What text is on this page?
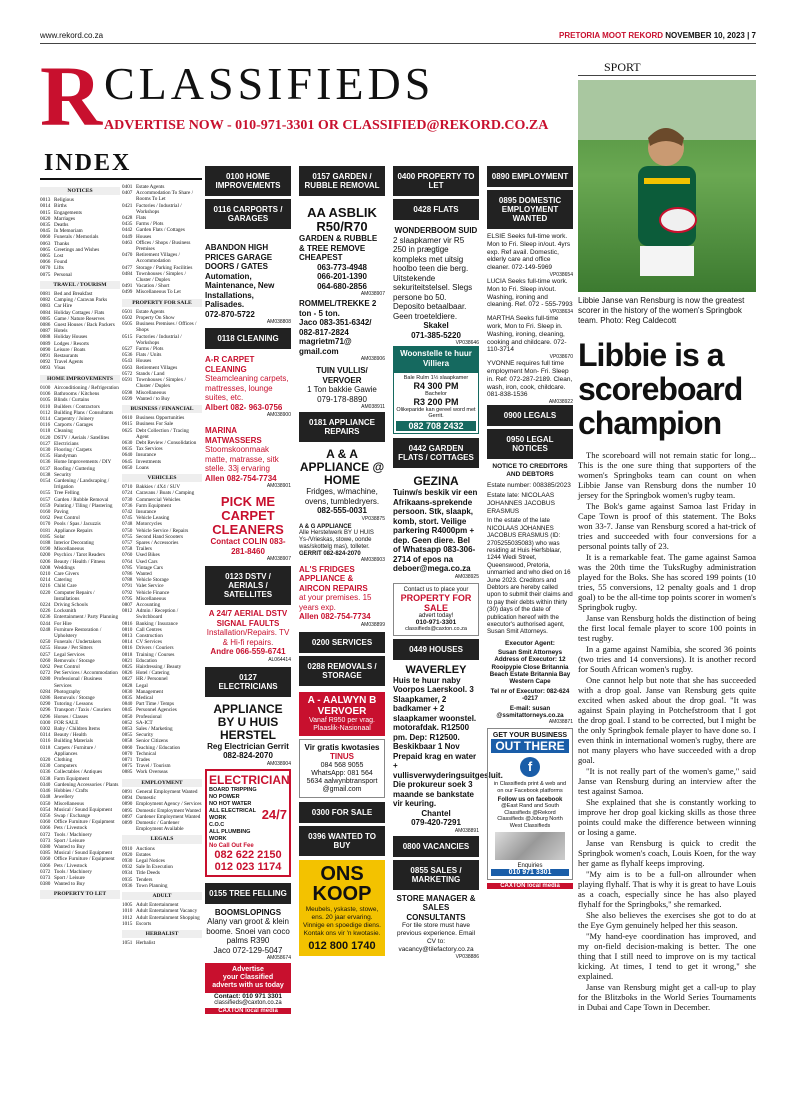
www.rekord.co.za	PRETORIA MOOT REKORD NOVEMBER 10, 2023 | 7
R CLASSIFIEDS
ADVERTISE NOW - 010-971-3301 OR CLASSIFIED@REKORD.CO.ZA
INDEX
NOTICES
0013 Religious
0014 Births
0015 Engagements
0020 Marriages
0035 Deaths
0045 In Memoriam
0060 Funerals / Memorials
0063 Thanks
0065 Greetings and Wishes
0065 Lost
0066 Found
0070 Lifts
0075 Personal
TRAVEL / TOURISM
0081 Bed and Breakfast
0082 Camping / Caravan Parks
0083 Car Hire
0084 Holiday Cottages / Flats
0085 Game / Nature Reserves
0086 Guest Houses / Back Packers
0087 Hotels
0088 Holiday Houses
0089 Lodges / Resorts
0090 Leisure / Boats
0091 Restaurants
0092 Travel Agents
0093 Visas
HOME IMPROVEMENTS
0100 Airconditioning / Refrigeration
0106 Bathrooms / Kitchens
0105 Blinds / Curtains
0110 Builders / Contractors
0112 Building Plans / Consultants
0114 Carpentry / Joinery
0116 Carports / Garages
0118 Cleaning
0120 DSTV / Aerials / Satellites
0127 Electricians
0130 Flooring / Carpets
0135 Handyman
0136 Home Improvements / DIY
0137 Roofing / Guttering
0138 Security
0154 Gardening / Landscaping / Irrigation
0155 Tree Felling
0157 Garden / Rubble Removal
0159 Painting / Tiling / Plastering
0160 Paving
0162 Pest Control
0170 Pools / Spas / Jacuzzis
0181 Appliance Repairs
0185 Solar
0188 Interior Decorating
0190 Miscellaneous
0200 Psychics / Tarot Readers
0206 Beauty / Health / Fitness
0208 Weddings
0210 Care Givers
0214 Catering
0216 Child Care
0220 Computer Repairs / Installations
0224 Driving Schools
0226 Locksmith
0236 Entertainment / Party Planning
0244 For Hire
0248 Furniture Restoration / Upholstery
0250 Funerals / Undertakers
0255 House / Pet Sitters
0257 Legal Services
0260 Removals / Storage
0262 Pest Control
0272 Pet Services / Accommodation
0280 Professional / Business Services
0284 Photography
0286 Removals / Storage
0290 Tutoring / Lessons
0296 Transport / Taxis / Couriers
0296 Horses / Classes
0300 FOR SALE
0302 Baby / Children Items
0314 Beauty / Health
0316 Building Materials
0318 Carpets / Furniture / Appliances
0320 Clothing
0330 Computers
0336 Collectables / Antiques
0338 Farm Equipment
0340 Gardening Accessories / Plants
0346 Hobbies / Crafts
0348 Jewellery
0350 Miscellaneous
0354 Musical / Sound Equipment
0356 Swap / Exchange
0360 Office Furniture / Equipment
0366 Pets / Livestock
0372 Tools / Machinery
0373 Sport / Leisure
0380 Wanted to Buy
0385 Musical / Sound Equipment
0360 Office Furniture / Equipment
0366 Pets / Livestock
0372 Tools / Machinery
0373 Sport / Leisure
0380 Wanted to Buy
PROPERTY TO LET
0401 Estate Agents
0407 Accommodation To Share / Rooms To Let
0421 Factories / Industrial / Workshops
0428 Flats
0435 Farms / Plots
0442 Garden Flats / Cottages
0449 Houses
0463 Offices / Shops / Business Premises
0470 Retirement Villages / Accommodation
0477 Storage / Parking Facilities
0484 Townhouses / Simplex / Cluster / Duplex
0491 Vacation / Short
0499 Miscellaneous To Let
PROPERTY FOR SALE
0501 Estate Agents
0502 Property On Show
0505 Business Premises / Offices / Shops
0515 Factories / Industrial / Workshops
0527 Farms / Plots
0536 Flats / Units
0543 Houses
0563 Retirement Villages
0572 Stands / Land
0591 Townhouses / Simplex / Cluster / Duplex
0598 Miscellaneous
0599 Wanted / to Buy
BUSINESS / FINANCIAL
0610 Business Opportunities
0615 Business For Sale
0625 Debt Collection / Tracing Agent
0630 Debt Review / Consolidation
0635 Tax Services
0640 Insurance
0645 Investments
0650 Loans
VEHICLES
0710 Bakkies / 4X4 / SUV
0724 Caravans / Boats / Camping
0730 Commercial Vehicles
0736 Farm Equipment
0742 Insurance
0745 Vehicle Leasing
0748 Motorcycles
0750 Vehicle Service / Repairs
0755 Second Hand Scooters
0757 Spares / Accessories
0758 Trailers
0760 Used Bikes
0764 Used Cars
0785 Vintage Cars
0786 Wanted
0788 Vehicle Storage
0791 Valet Service
0792 Vehicle Finance
0795 Miscellaneous
0807 Accounting
0812 Admin / Reception / Switchboard
0816 Banking / Insurance
0810 Call Centres
0813 Construction
0814 CV Services
0816 Drivers / Couriers
0818 Training / Courses
0821 Education
0825 Hairdressing / Beauty
0826 Hotel / Catering
0827 HR / Personnel
0828 Legal
0830 Management
0835 Medical
0840 Part Time / Temps
0845 Personnel Agencies
0850 Professional
0852 SA-ICT
0853 Sales / Marketing
0855 Security
0858 Senior Citizens
0860 Teaching / Education
0870 Technical
0871 Trades
0875 Travel / Tourism
0885 Work Overseas
EMPLOYMENT
0891 General Employment Wanted
0894 Domestic
0890 Employment Agency / Services
0895 Domestic Employment Wanted
0897 Gardener Employment Wanted
0899 Domestic / Gardener Employment Available
LEGALS
0910 Auctions
0920 Estates
0930 Legal Notices
0932 Sale In Execution
0934 Title Deeds
0935 Tenders
0936 Town Planning
ADULT
1005 Adult Entertainment
1010 Adult Entertainment Vacancy
1012 Adult Entertainment Shopping
1015 Escorts
HERBALIST
1051 Herbalist
0100 HOME IMPROVEMENTS
0116 CARPORTS / GARAGES
ABANDON HIGH PRICES GARAGE DOORS / GATES Automation, Maintenance, New Installations, Palisades.
072-870-5722
AM038808
0118 CLEANING
A-R CARPET CLEANING
Steamcleaning carpets, mattresses, lounge suites, etc.
Albert 082- 963-0756
AM038900
MARINA MATWASSERS
Stoomskoonmaak matte, matrasse, sitk stelle. 33j ervaring
Allen 082-754-7734
AM038901
PICK ME CARPET CLEANERS
Contact COLIN 083-281-8460
AM038907
0123 DSTV / AERIALS / SATELLITES
A 24/7 AERIAL DSTV SIGNAL FAULTS
Installation/Repairs. TV & Hi-fi repairs.
Andre 066-559-6741
AL064414
0127 ELECTRICIANS
APPLIANCE BY U HUIS HERSTEL
Reg Electrician Gerrit 082-824-2070
AM038904
ELECTRICIAN
BOARD TRIPPING
NO POWER
NO HOT WATER
ALL ELECTRICAL WORK
C.O.C
ALL PLUMBING WORK
24/7
No Call Out Fee
082 622 2150
012 023 1174
0155 TREE FELLING
BOOMSLOPINGS
Alany van groot & klein boome. Snoei van coco palms R390
Jaco 072-129-5047
AM058674
Advertise
your Classified
adverts with us today
Contact: 010 971 3301
classifieds@caxton.co.za
CAXTON local media
0157 GARDEN / RUBBLE REMOVAL
AA ASBLIK R50/R70
GARDEN & RUBBLE & TREE REMOVE CHEAPEST
063-773-4948
066-201-1390
064-680-2856
AM038907
ROMMEL/TREKKE 2 ton - 5 ton.
Jaco 083-351-6342/ 082-817-2824 magrietm71@ gmail.com
AM038906
TUIN VULLIS/ VERVOER
1 Ton bakkie Gawie 079-178-8890
AM038911
0181 APPLIANCE REPAIRS
A & A APPLIANCE @ HOME
Fridges, w/machine, ovens, tumbledryers.
082-555-0031
VP038875
A & G APPLIANCE
Alle Herstelwerk BY U HUIS Ys-/Vrieskas, stowe, oonde was/skottelg mas), tolleter.
GERRIT 082-824-2070
AM038903
AL'S FRIDGES APPLIANCE & AIRCON REPAIRS
at your premises. 15 years exp.
Allen 082-754-7734
AM038899
0200 SERVICES
0288 REMOVALS / STORAGE
A - AALWYN B VERVOER
Vanaf R950 per vrag. Plaaslik-Nasionaal
Vir gratis kwotasies
TINUS
084 568 9055 WhatsApp: 081 564 5634 aalwynbtransport @gmail.com
0300 FOR SALE
0396 WANTED TO BUY
ONS KOOP
Meubels, yskaste, stowe, ens. 20 jaar ervaring. Vinnige en spoedige diens. Kontak ons vir 'n kwotasie.
012 800 1740
0400 PROPERTY TO LET
0428 FLATS
WONDERBOOM SUID
2 slaapkamer vir R5 250 in prægtige kompleks met uitsig hoolbo teen die berg. Uitstekende sekuriteitstelsel. Slegs persone bo 50. Deposito betaalbaar. Geen troeteldiere.
Skakel
071-385-5220
VP038646
Woonstelle te huur Villiera
Bale Rulm 1½ slaapkamer
R4 300 PM
Bachelor
R3 200 PM
Olikeparide kan gereel word met Gerrit.
082 708 2432
0442 GARDEN FLATS / COTTAGES
GEZINA
Tuinw/s beskik vir een Afrikaans-sprekende persoon. Stk, slaapk, komb, stort. Veilige parkering R4000pm + dep. Geen diere. Bel of Whatsapp 083-306-2714 of epos na deboer@mega.co.za
AM038925
Contact us to place your
PROPERTY FOR SALE
advert today!
010-971-3301
classifieds@caxton.co.za
0449 HOUSES
WAVERLEY
Huis te huur naby Voorpos Laerskool. 3 Slaapkamer, 2 badkamer + 2 slaapkamer woonstel. motorafdak. R12500 pm. Dep: R12500. Beskikbaar 1 Nov Prepaid krag en water + vullisverwyderingsuitgesluit. Die prokureur soek 3 maande se bankstate vir keuring.
Chantel
079-420-7291
AM038891
0800 VACANCIES
0855 SALES / MARKETING
STORE MANAGER & SALES CONSULTANTS
For tile store must have previous experience. Email CV to: vacancy@tilefactory.co.za
VP038886
0890 EMPLOYMENT
0895 DOMESTIC EMPLOYMENT WANTED
ELSIE Seeks full-time work. Mon to Fri. Sleep in/out. 4yrs exp. Ref avail. Domestic, elderly care and office cleaner. 072-149-5969
VP038654
LUCIA Seeks full-time work. Mon to Fri. Sleep in/out. Washing, ironing and cleaning. Ref. 072 - 555-7993
VP038634
MARTHA Seeks full-time work, Mon to Fri. Sleep in. Washing, ironing, cleaning, cooking and childcare. 072-110-3714
VP038670
YVONNE requires full time employment Mon- Fri. Sleep in. Ref: 072-287-2189. Clean, wash, iron, cook, childcare. 081-838-1536
AM038922
0900 LEGALS
0950 LEGAL NOTICES
NOTICE TO CREDITORS AND DEBTORS
Estate number: 008385/2023
Estate late: NICOLAAS JOHANNES JACOBUS ERASMUS
In the estate of the late NICOLAAS JOHANNES JACOBUS ERASMUS (ID: 2705255035083) who was residing at Huis Herfsblaar, 1244 Wedi Street, Queenswood, Pretoria, unmarried and who died on 16 June 2023. Creditors and Debtors are hereby called upon to submit their claims and to pay their debts within thirty (30) days of the date of publication hereof with the executor's authorised agent, Susan Smit Attorneys.
Executor Agent:
Susan Smit Attorneys Address of Executor: 12 Rooipypie Close Britannia Beach Estate Britannia Bay Western Cape
Tel nr of Executor: 082-624 -0217
E-mail: susan @ssmitattorneys.co.za
AM038871
GET YOUR BUSINESS
OUT THERE
f
in Classifieds print & web and on our Facebook platforms
Follow us on facebook
@East Rand and South Classifieds @Rekord Classifieds @Joburg North West Classifieds
Enquiries
010 971 3301
CAXTON local media
SPORT
Libbie Janse van Rensburg is now the greatest scorer in the history of the women's Springbok team. Photo: Reg Caldecott
Libbie is a scoreboard champion

The scoreboard will not remain static for long... This is the one sure thing that supporters of the women's Springboks team can count on when Libbie Janse van Rensburg dons the number 10 jersey for the Springbok women's rugby team.

The Bok's game against Samoa last Friday in Cape Town is proof of this statement. The Boks won 33-7. Janse van Rensburg scored a hat-trick of tries and succeeded with four conversions for a personal points tally of 23.

It is a remarkable feat. The game against Samoa was the 20th time the TuksRugby administration played for the Boks. She has scored 199 points (10 tries, 55 conversions, 12 penalty goals and 1 drop goal) to be the all-time top points scorer in women's Springbok rugby.

Janse van Rensburg holds the distinction of being the first local female player to score 100 points in test rugby.

In a game against Namibia, she scored 36 points (two tries and 14 conversions). It is another record for South African women's rugby.

One cannot help but note that she has succeeded with a drop goal. Janse van Rensburg gets quite excited when asked about the drop goal. "It was against Spain playing in Potchefstroom that I got the drop goal. I stand to be corrected, but I might be the only Springbok female player to have done so. I even think in international women's rugby, there are not many players who have succeeded with a drop goal.

"It is not really part of the women's game," said Janse van Rensburg during an interview after the test against Samoa.

She explained that she is constantly working to improve her drop goal kicking skills as those three points could make the difference between winning or losing a game.

Janse van Rensburg is quick to credit the Springbok women's coach, Louis Koen, for the way her game as flyhalf keeps improving.

"My aim is to be a full-on allrounder when playing flyhalf. That is why it is great to have Louis as a coach, especially since he has also played flyhalf for the Springboks," she remarked.

She also believes the exercises she got to do at the Eye Gym genuinely helped her this season.

"My hand-eye coordination has improved, and my on-field decision-making is better. The one thing that I still need to improve on is my tactical kicking. At times, I tend to get it wrong," she explained.

Janse van Rensburg might get a call-up to play for the Blitzboks in the World Series Tournaments in Dubai and Cape Town in December.
